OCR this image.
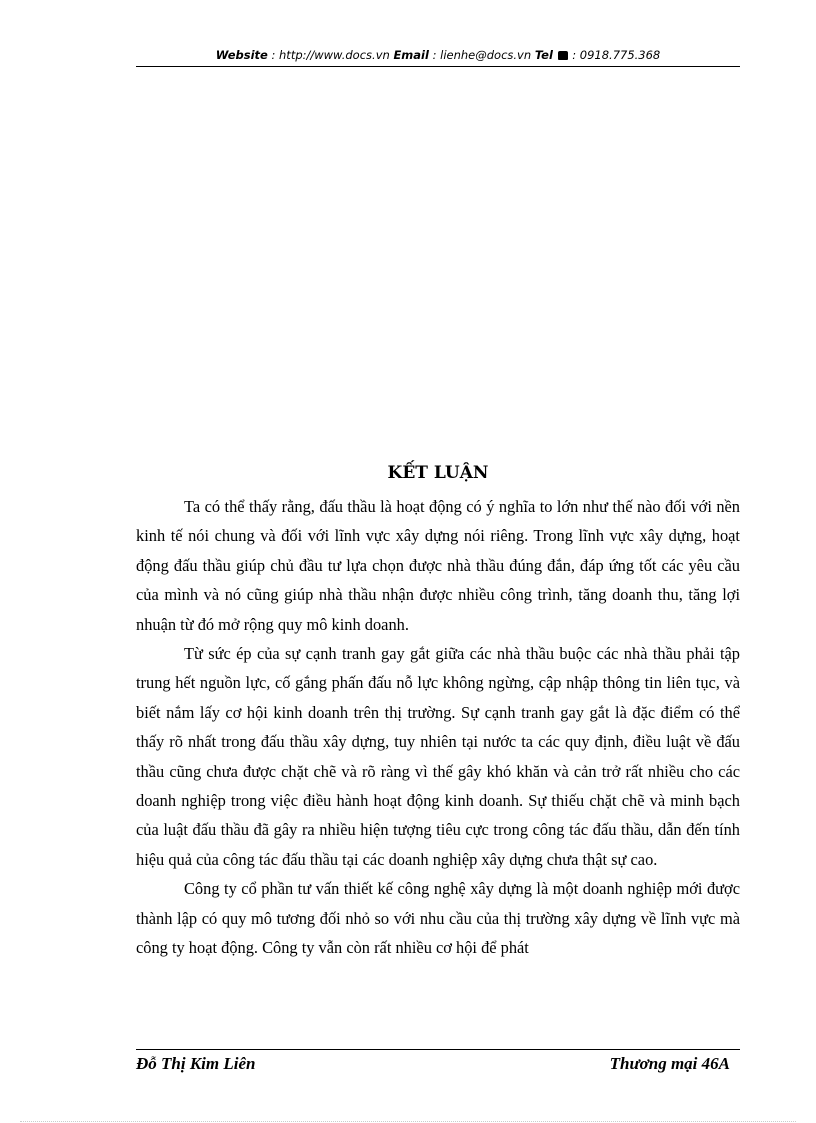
Website : http://www.docs.vn Email : lienhe@docs.vn Tel  : 0918.775.368
KẾT LUẬN

Ta có thể thấy rằng, đấu thầu là hoạt động có ý nghĩa to lớn như thế nào đối với nền kinh tế nói chung và đối với lĩnh vực xây dựng nói riêng. Trong lĩnh vực xây dựng, hoạt động đấu thầu giúp chủ đầu tư lựa chọn được nhà thầu đúng đắn, đáp ứng tốt các yêu cầu của mình và nó cũng giúp nhà thầu nhận được nhiều công trình, tăng doanh thu, tăng lợi nhuận từ đó mở rộng quy mô kinh doanh.

Từ sức ép của sự cạnh tranh gay gắt giữa các nhà thầu buộc các nhà thầu phải tập trung hết nguồn lực, cố gắng phấn đấu nỗ lực không ngừng, cập nhập thông tin liên tục, và biết nắm lấy cơ hội kinh doanh trên thị trường. Sự cạnh tranh gay gắt là đặc điểm có thể thấy rõ nhất trong đấu thầu xây dựng, tuy nhiên tại nước ta các quy định, điều luật về đấu thầu cũng chưa được chặt chẽ và rõ ràng vì thế gây khó khăn và cản trở rất nhiều cho các doanh nghiệp trong việc điều hành hoạt động kinh doanh. Sự thiếu chặt chẽ và minh bạch của luật đấu thầu đã gây ra nhiều hiện tượng tiêu cực trong công tác đấu thầu, dẫn đến tính hiệu quả của công tác đấu thầu tại các doanh nghiệp xây dựng chưa thật sự cao.

Công ty cổ phần tư vấn thiết kế công nghệ xây dựng là một doanh nghiệp mới được thành lập có quy mô tương đối nhỏ so với nhu cầu của thị trường xây dựng về lĩnh vực mà công ty hoạt động. Công ty vẫn còn rất nhiều cơ hội để phát

Đỗ Thị Kim Liên	Thương mại 46A
